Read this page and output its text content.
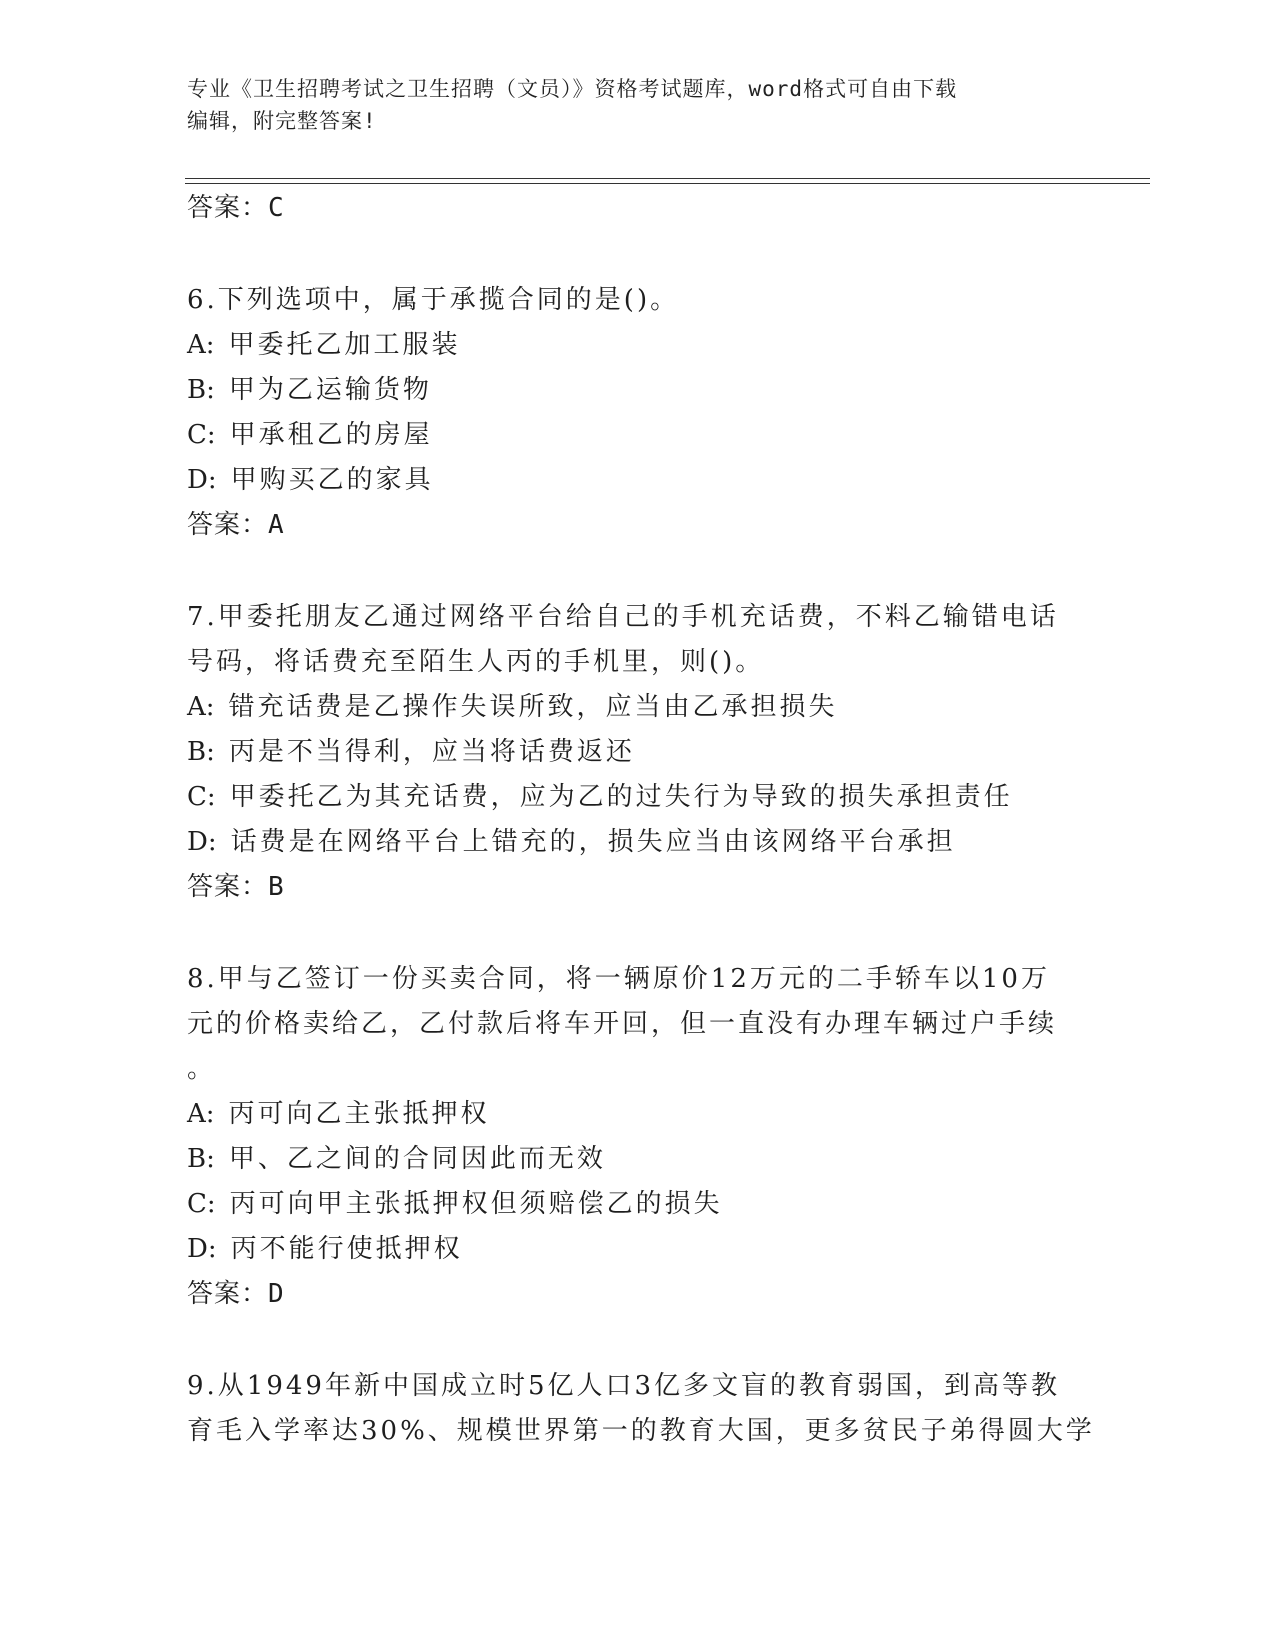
专业《卫生招聘考试之卫生招聘（文员）》资格考试题库，word格式可自由下载
编辑，附完整答案!
答案：C
6.下列选项中，属于承揽合同的是()。
A: 甲委托乙加工服装
B: 甲为乙运输货物
C: 甲承租乙的房屋
D: 甲购买乙的家具
答案：A
7.甲委托朋友乙通过网络平台给自己的手机充话费，不料乙输错电话
号码，将话费充至陌生人丙的手机里，则()。
A: 错充话费是乙操作失误所致，应当由乙承担损失
B: 丙是不当得利，应当将话费返还
C: 甲委托乙为其充话费，应为乙的过失行为导致的损失承担责任
D: 话费是在网络平台上错充的，损失应当由该网络平台承担
答案：B
8.甲与乙签订一份买卖合同，将一辆原价12万元的二手轿车以10万
元的价格卖给乙，乙付款后将车开回，但一直没有办理车辆过户手续
。
A: 丙可向乙主张抵押权
B: 甲、乙之间的合同因此而无效
C: 丙可向甲主张抵押权但须赔偿乙的损失
D: 丙不能行使抵押权
答案：D
9.从1949年新中国成立时5亿人口3亿多文盲的教育弱国，到高等教
育毛入学率达30%、规模世界第一的教育大国，更多贫民子弟得圆大学
